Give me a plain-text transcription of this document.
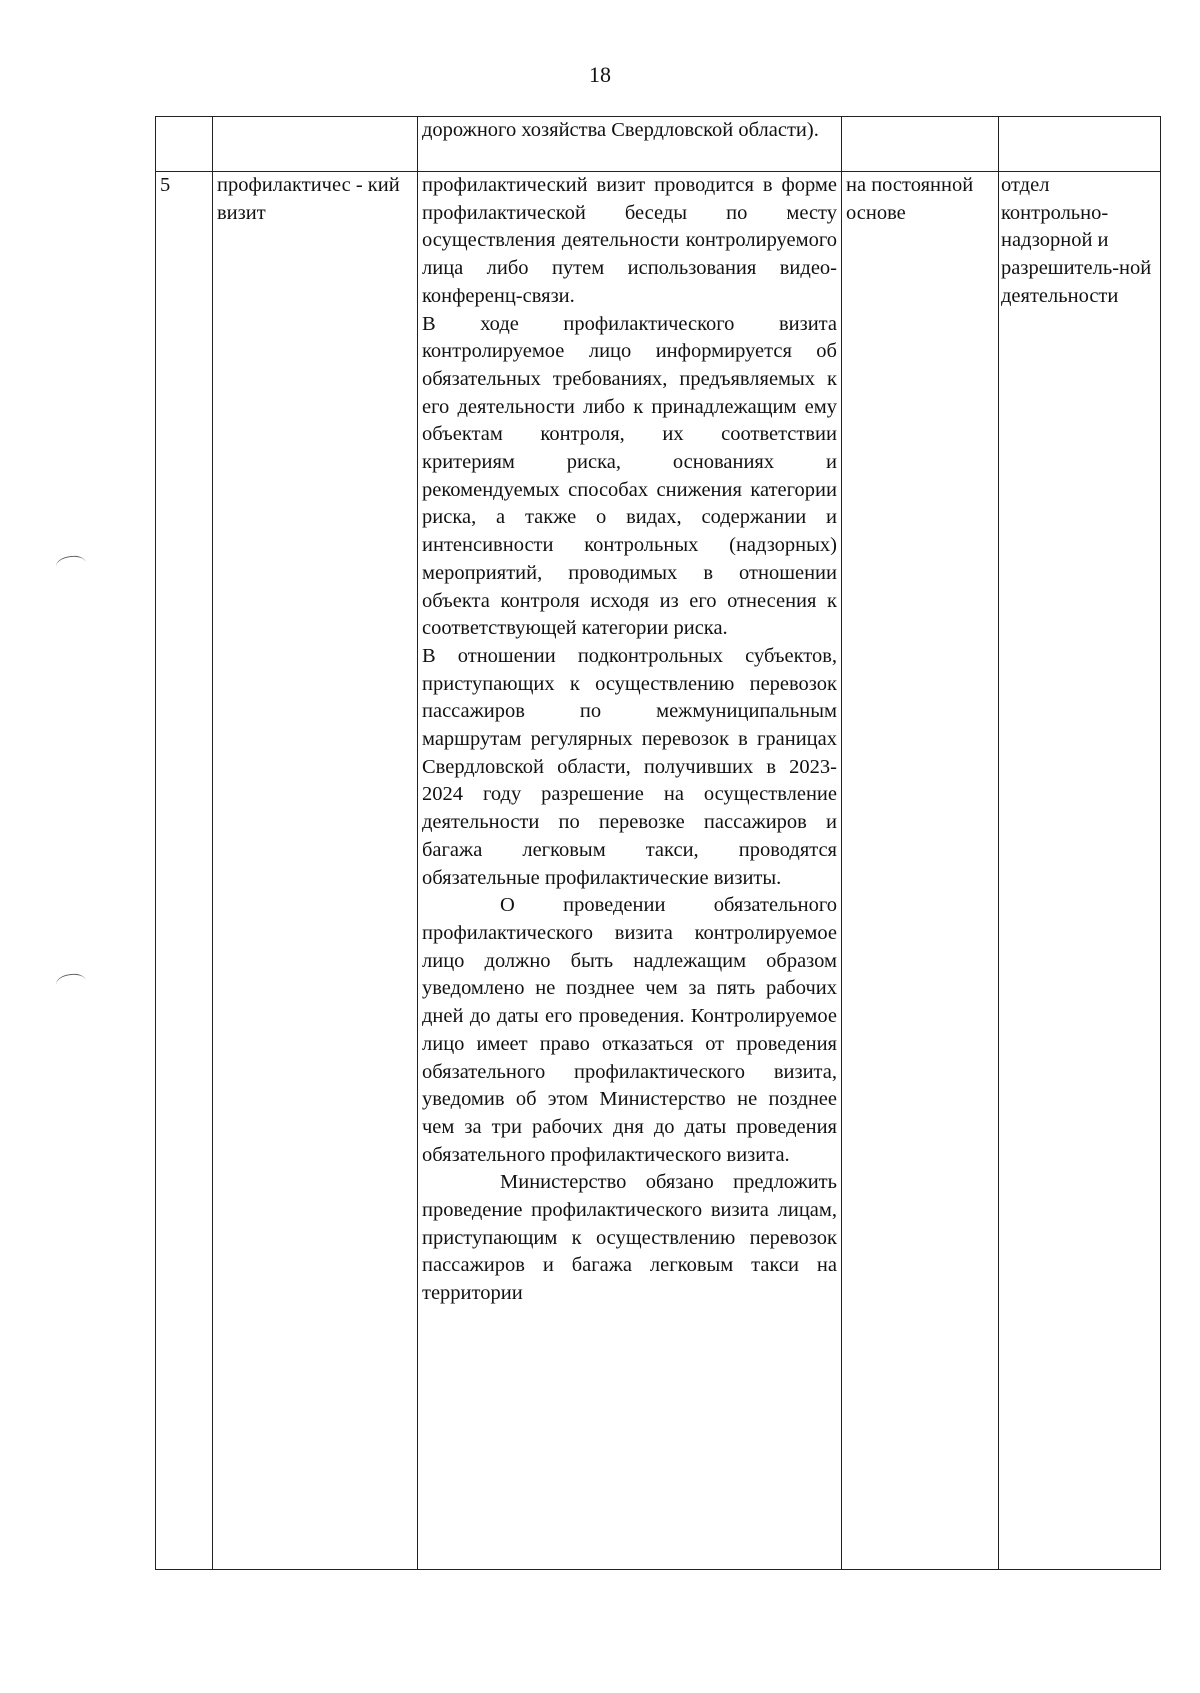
18
		дорожного хозяйства Свердловской области).		
5	профилактичес - кий визит	профилактический визит проводится в форме профилактической беседы по месту осуществления деятельности контролируемого лица либо путем использования видео-конференц-связи.

В ходе профилактического визита контролируемое лицо информируется об обязательных требованиях, предъявляемых к его деятельности либо к принадлежащим ему объектам контроля, их соответствии критериям риска, основаниях и рекомендуемых способах снижения категории риска, а также о видах, содержании и интенсивности контрольных (надзорных) мероприятий, проводимых в отношении объекта контроля исходя из его отнесения к соответствующей категории риска.

В отношении подконтрольных субъектов, приступающих к осуществлению перевозок пассажиров по межмуниципальным маршрутам регулярных перевозок в границах Свердловской области, получивших в 2023-2024 году разрешение на осуществление деятельности по перевозке пассажиров и багажа легковым такси, проводятся обязательные профилактические визиты.

О проведении обязательного профилактического визита контролируемое лицо должно быть надлежащим образом уведомлено не позднее чем за пять рабочих дней до даты его проведения. Контролируемое лицо имеет право отказаться от проведения обязательного профилактического визита, уведомив об этом Министерство не позднее чем за три рабочих дня до даты проведения обязательного профилактического визита.

Министерство обязано предложить проведение профилактического визита лицам, приступающим к осуществлению перевозок пассажиров и багажа легковым такси на территории	на постоянной основе	отдел контрольно-надзорной и разрешитель-ной деятельности
